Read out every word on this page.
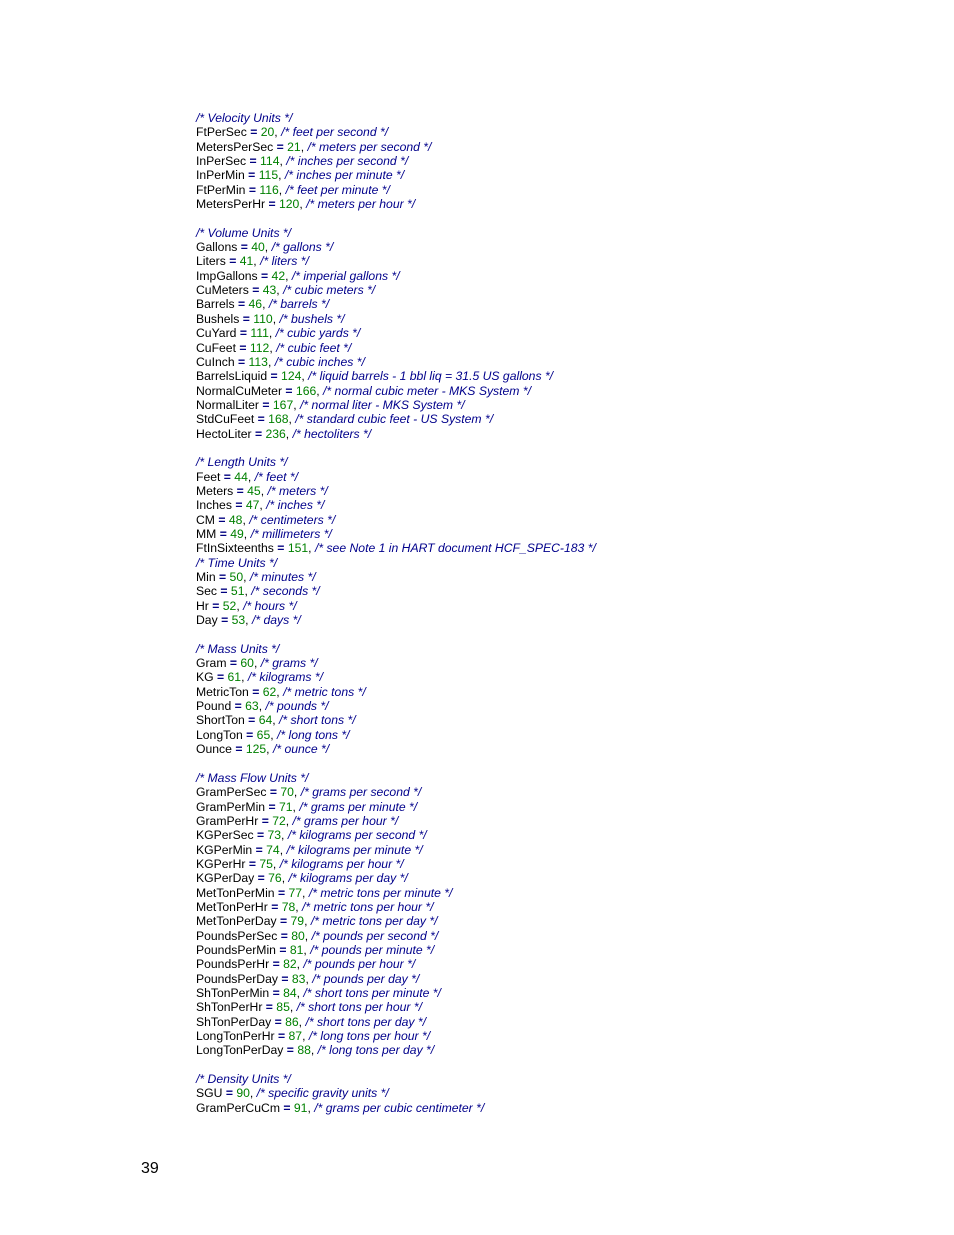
/* Velocity Units */
FtPerSec = 20, /* feet per second */
MetersPerSec = 21, /* meters per second */
InPerSec = 114, /* inches per second */
InPerMin = 115, /* inches per minute */
FtPerMin = 116, /* feet per minute */
MetersPerHr = 120, /* meters per hour */
/* Volume Units */
Gallons = 40, /* gallons */
Liters = 41, /* liters */
ImpGallons = 42, /* imperial gallons */
CuMeters = 43, /* cubic meters */
Barrels = 46, /* barrels */
Bushels = 110, /* bushels */
CuYard = 111, /* cubic yards */
CuFeet = 112, /* cubic feet */
CuInch = 113, /* cubic inches */
BarrelsLiquid = 124, /* liquid barrels - 1 bbl liq = 31.5 US gallons */
NormalCuMeter = 166, /* normal cubic meter - MKS System */
NormalLiter = 167, /* normal liter - MKS System */
StdCuFeet = 168, /* standard cubic feet - US System */
HectoLiter = 236, /* hectoliters */
/* Length Units */
Feet = 44, /* feet */
Meters = 45, /* meters */
Inches = 47, /* inches */
CM = 48, /* centimeters */
MM = 49, /* millimeters */
FtInSixteenths = 151, /* see Note 1 in HART document HCF_SPEC-183 */
/* Time Units */
Min = 50, /* minutes */
Sec = 51, /* seconds */
Hr = 52, /* hours */
Day = 53, /* days */
/* Mass Units */
Gram = 60, /* grams */
KG = 61, /* kilograms */
MetricTon = 62, /* metric tons */
Pound = 63, /* pounds */
ShortTon = 64, /* short tons */
LongTon = 65, /* long tons */
Ounce = 125, /* ounce */
/* Mass Flow Units */
GramPerSec = 70, /* grams per second */
GramPerMin = 71, /* grams per minute */
GramPerHr = 72, /* grams per hour */
KGPerSec = 73, /* kilograms per second */
KGPerMin = 74, /* kilograms per minute */
KGPerHr = 75, /* kilograms per hour */
KGPerDay = 76, /* kilograms per day */
MetTonPerMin = 77, /* metric tons per minute */
MetTonPerHr = 78, /* metric tons per hour */
MetTonPerDay = 79, /* metric tons per day */
PoundsPerSec = 80, /* pounds per second */
PoundsPerMin = 81, /* pounds per minute */
PoundsPerHr = 82, /* pounds per hour */
PoundsPerDay = 83, /* pounds per day */
ShTonPerMin = 84, /* short tons per minute */
ShTonPerHr = 85, /* short tons per hour */
ShTonPerDay = 86, /* short tons per day */
LongTonPerHr = 87, /* long tons per hour */
LongTonPerDay = 88, /* long tons per day */
/* Density Units */
SGU = 90, /* specific gravity units */
GramPerCuCm = 91, /* grams per cubic centimeter */
39
